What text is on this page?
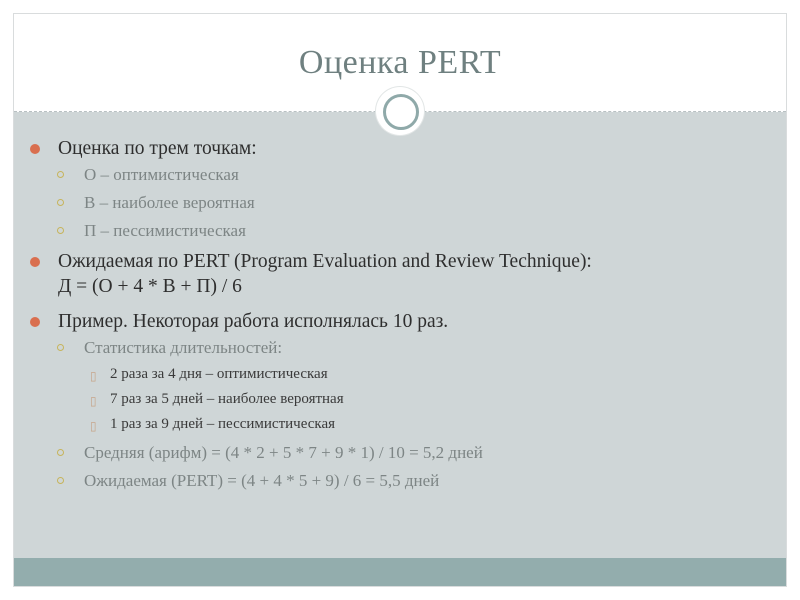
Оценка PERT
Оценка по трем точкам:
О – оптимистическая
В – наиболее вероятная
П – пессимистическая
Ожидаемая по PERT (Program Evaluation and Review Technique):
Д = (О + 4 * В + П) / 6
Пример. Некоторая работа исполнялась 10 раз.
Статистика длительностей:
▯ 2 раза за 4 дня – оптимистическая
▯ 7 раз за 5 дней – наиболее вероятная
▯ 1 раз за 9 дней – пессимистическая
Средняя (арифм) = (4 * 2 + 5 * 7 + 9 * 1) / 10 = 5,2 дней
Ожидаемая (PERT) = (4 + 4 * 5 + 9) / 6 = 5,5 дней
